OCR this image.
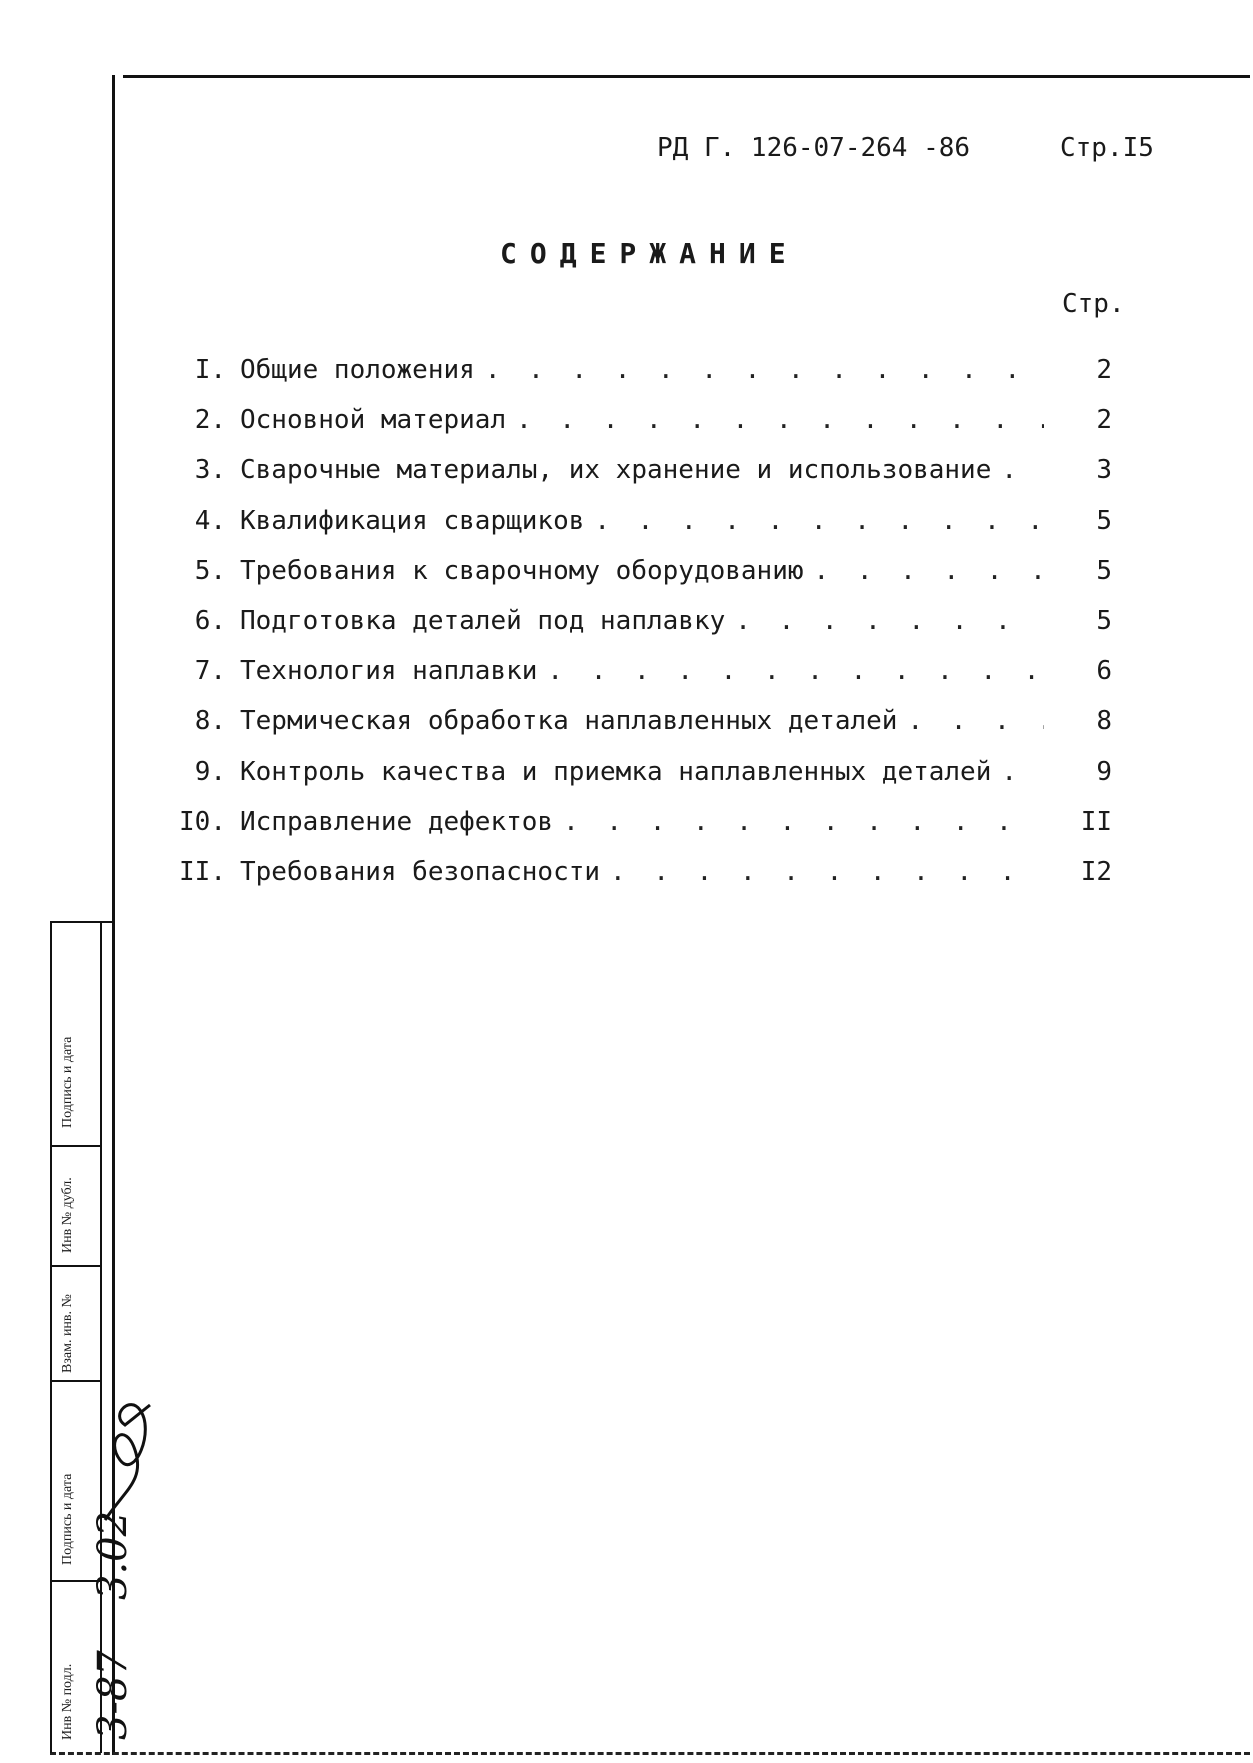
РД Г. 126-07-264 -86	Стр.I5
СОДЕРЖАНИЕ
Стр.
I. Общие положения . . .	2
2. Основной материал . . .	2
3. Сварочные материалы, их хранение и использование . . .	3
4. Квалификация сварщиков . . .	5
5. Требования к сварочному оборудованию . . .	5
6. Подготовка деталей под наплавку . . .	5
7. Технология наплавки . . .	6
8. Термическая обработка наплавленных деталей . . .	8
9. Контроль качества и приемка наплавленных деталей . . .	9
I0. Исправление дефектов . . .	II
II. Требования безопасности . . .	I2
Подпись и дата
Инв № дубл.
Взам. инв. №
Подпись и дата
Инв № подл. 3-87
3.02
